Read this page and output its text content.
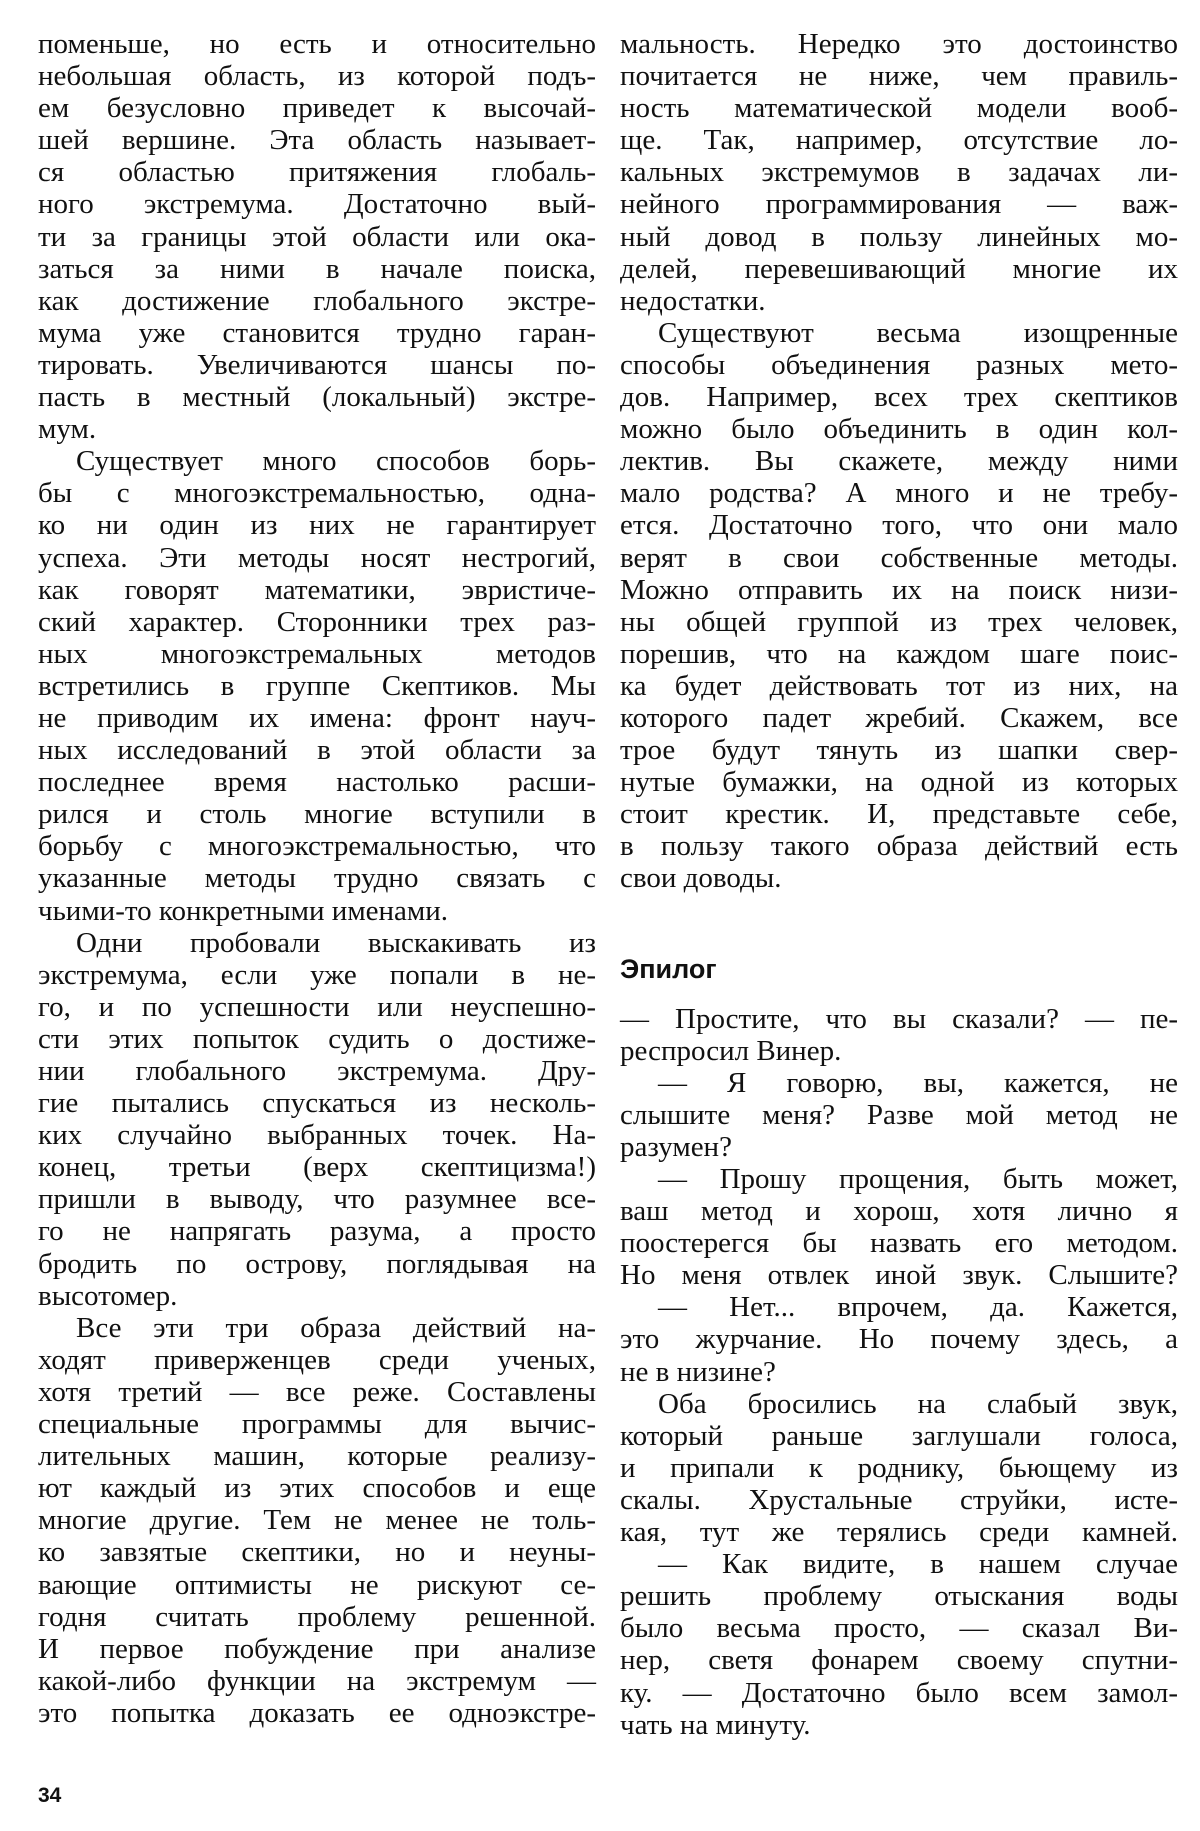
поменьше, но есть и относительно
небольшая область, из которой подъ-
ем безусловно приведет к высочай-
шей вершине. Эта область называет-
ся областью притяжения глобаль-
ного экстремума. Достаточно вый-
ти за границы этой области или ока-
заться за ними в начале поиска,
как достижение глобального экстре-
мума уже становится трудно гаран-
тировать. Увеличиваются шансы по-
пасть в местный (локальный) экстре-
мум.
Существует много способов борь-
бы с многоэкстремальностью, одна-
ко ни один из них не гарантирует
успеха. Эти методы носят нестрогий,
как говорят математики, эвристиче-
ский характер. Сторонники трех раз-
ных многоэкстремальных методов
встретились в группе Скептиков. Мы
не приводим их имена: фронт науч-
ных исследований в этой области за
последнее время настолько расши-
рился и столь многие вступили в
борьбу с многоэкстремальностью, что
указанные методы трудно связать с
чьими-то конкретными именами.
Одни пробовали выскакивать из
экстремума, если уже попали в не-
го, и по успешности или неуспешно-
сти этих попыток судить о достиже-
нии глобального экстремума. Дру-
гие пытались спускаться из несколь-
ких случайно выбранных точек. На-
конец, третьи (верх скептицизма!)
пришли в выводу, что разумнее все-
го не напрягать разума, а просто
бродить по острову, поглядывая на
высотомер.
Все эти три образа действий на-
ходят приверженцев среди ученых,
хотя третий — все реже. Составлены
специальные программы для вычис-
лительных машин, которые реализу-
ют каждый из этих способов и еще
многие другие. Тем не менее не толь-
ко завзятые скептики, но и неуны-
вающие оптимисты не рискуют се-
годня считать проблему решенной.
И первое побуждение при анализе
какой-либо функции на экстремум —
это попытка доказать ее одноэкстре-
мальность. Нередко это достоинство
почитается не ниже, чем правиль-
ность математической модели вооб-
ще. Так, например, отсутствие ло-
кальных экстремумов в задачах ли-
нейного программирования — важ-
ный довод в пользу линейных мо-
делей, перевешивающий многие их
недостатки.
Существуют весьма изощренные
способы объединения разных мето-
дов. Например, всех трех скептиков
можно было объединить в один кол-
лектив. Вы скажете, между ними
мало родства? А много и не требу-
ется. Достаточно того, что они мало
верят в свои собственные методы.
Можно отправить их на поиск низи-
ны общей группой из трех человек,
порешив, что на каждом шаге поис-
ка будет действовать тот из них, на
которого падет жребий. Скажем, все
трое будут тянуть из шапки свер-
нутые бумажки, на одной из которых
стоит крестик. И, представьте себе,
в пользу такого образа действий есть
свои доводы.
Эпилог
— Простите, что вы сказали? — пе-
респросил Винер.
— Я говорю, вы, кажется, не
слышите меня? Разве мой метод не
разумен?
— Прошу прощения, быть может,
ваш метод и хорош, хотя лично я
поостерегся бы назвать его методом.
Но меня отвлек иной звук. Слышите?
— Нет... впрочем, да. Кажется,
это журчание. Но почему здесь, а
не в низине?
Оба бросились на слабый звук,
который раньше заглушали голоса,
и припали к роднику, бьющему из
скалы. Хрустальные струйки, исте-
кая, тут же терялись среди камней.
— Как видите, в нашем случае
решить проблему отыскания воды
было весьма просто, — сказал Ви-
нер, светя фонарем своему спутни-
ку. — Достаточно было всем замол-
чать на минуту.
34
